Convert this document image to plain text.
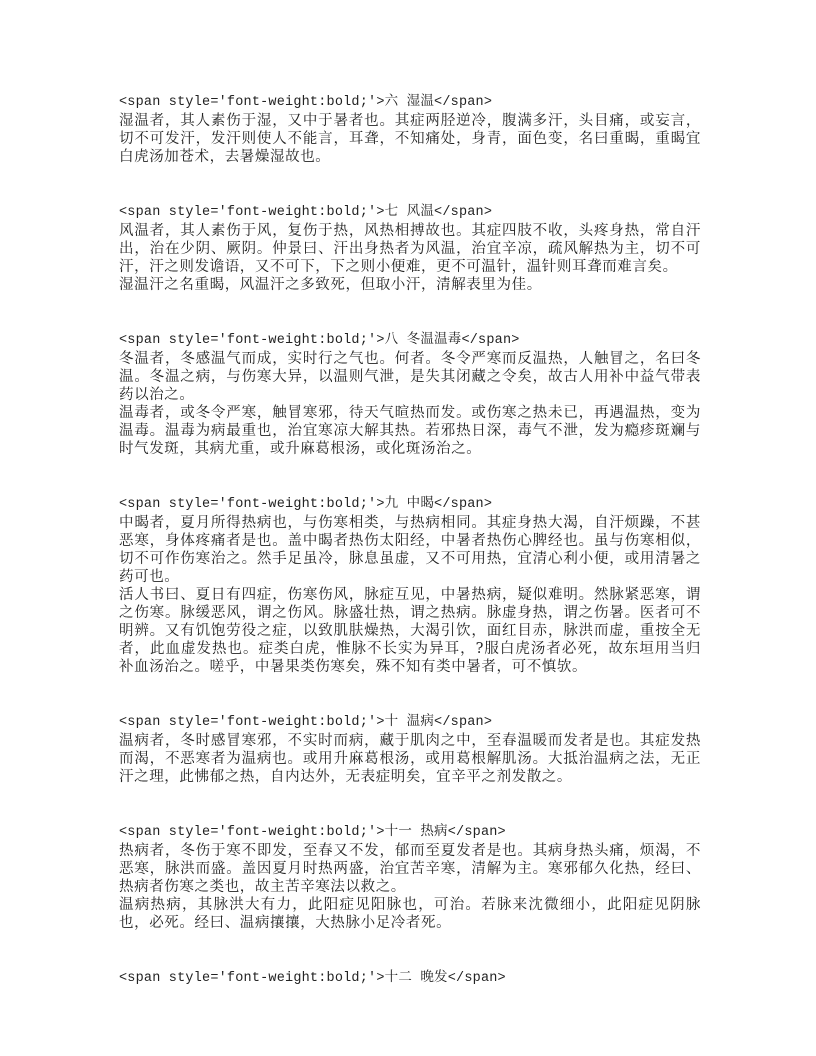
<span style='font-weight:bold;'>六 湿温</span>

湿温者，其人素伤于湿，又中于暑者也。其症两胫逆冷，腹满多汗，头目痛，或妄言，切不可发汗，发汗则使人不能言，耳聋，不知痛处，身青，面色变，名曰重暍，重暍宜白虎汤加苍术，去暑燥湿故也。

<span style='font-weight:bold;'>七 风温</span>

风温者，其人素伤于风，复伤于热，风热相搏故也。其症四肢不收，头疼身热，常自汗出，治在少阴、厥阴。仲景曰、汗出身热者为风温，治宜辛凉，疏风解热为主，切不可汗，汗之则发谵语，又不可下，下之则小便难，更不可温针，温针则耳聋而难言矣。

湿温汗之名重暍，风温汗之多致死，但取小汗，清解表里为佳。

<span style='font-weight:bold;'>八 冬温温毒</span>

冬温者，冬感温气而成，实时行之气也。何者。冬令严寒而反温热，人触冒之，名曰冬温。冬温之病，与伤寒大异，以温则气泄，是失其闭藏之令矣，故古人用补中益气带表药以治之。

温毒者，或冬令严寒，触冒寒邪，待天气暄热而发。或伤寒之热未已，再遇温热，变为温毒。温毒为病最重也，治宜寒凉大解其热。若邪热日深，毒气不泄，发为瘾疹斑斓与时气发斑，其病尤重，或升麻葛根汤，或化斑汤治之。

<span style='font-weight:bold;'>九 中暍</span>

中暍者，夏月所得热病也，与伤寒相类，与热病相同。其症身热大渴，自汗烦躁，不甚恶寒，身体疼痛者是也。盖中暍者热伤太阳经，中暑者热伤心脾经也。虽与伤寒相似，切不可作伤寒治之。然手足虽冷，脉息虽虚，又不可用热，宜清心利小便，或用清暑之药可也。

活人书曰、夏日有四症，伤寒伤风，脉症互见，中暑热病，疑似难明。然脉紧恶寒，谓之伤寒。脉缓恶风，谓之伤风。脉盛壮热，谓之热病。脉虚身热，谓之伤暑。医者可不明辨。又有饥饱劳役之症，以致肌肤燥热，大渴引饮，面红目赤，脉洪而虚，重按全无者，此血虚发热也。症类白虎，惟脉不长实为异耳，?服白虎汤者必死，故东垣用当归补血汤治之。嗟乎，中暑果类伤寒矣，殊不知有类中暑者，可不慎欤。

<span style='font-weight:bold;'>十 温病</span>

温病者，冬时感冒寒邪，不实时而病，藏于肌肉之中，至春温暖而发者是也。其症发热而渴，不恶寒者为温病也。或用升麻葛根汤，或用葛根解肌汤。大抵治温病之法，无正汗之理，此怫郁之热，自内达外，无表症明矣，宜辛平之剂发散之。

<span style='font-weight:bold;'>十一 热病</span>

热病者，冬伤于寒不即发，至春又不发，郁而至夏发者是也。其病身热头痛，烦渴，不恶寒，脉洪而盛。盖因夏月时热两盛，治宜苦辛寒，清解为主。寒邪郁久化热，经曰、热病者伤寒之类也，故主苦辛寒法以救之。

温病热病，其脉洪大有力，此阳症见阳脉也，可治。若脉来沈微细小，此阳症见阴脉也，必死。经曰、温病攘攘，大热脉小足冷者死。

<span style='font-weight:bold;'>十二 晚发</span>
